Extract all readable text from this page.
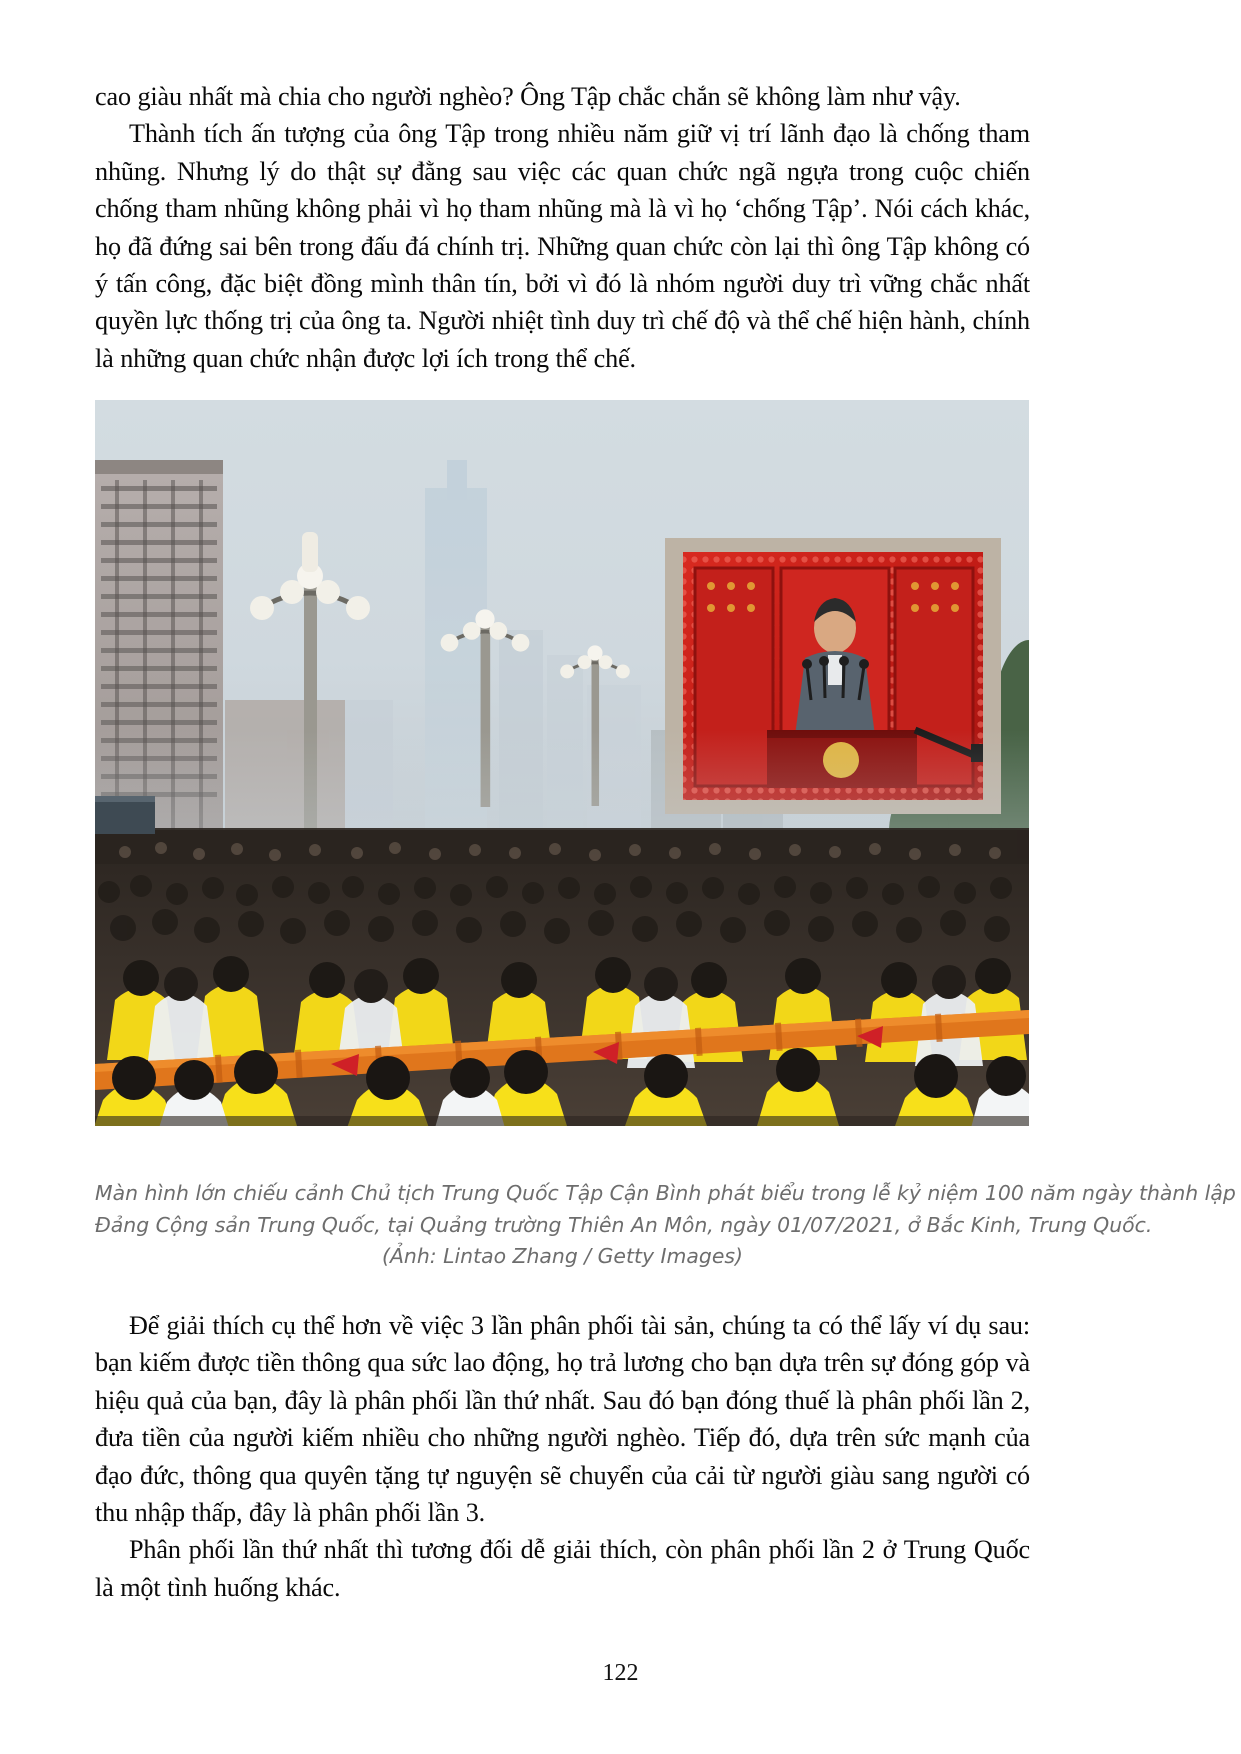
cao giàu nhất mà chia cho người nghèo? Ông Tập chắc chắn sẽ không làm như vậy.

Thành tích ấn tượng của ông Tập trong nhiều năm giữ vị trí lãnh đạo là chống tham nhũng. Nhưng lý do thật sự đằng sau việc các quan chức ngã ngựa trong cuộc chiến chống tham nhũng không phải vì họ tham nhũng mà là vì họ ‘chống Tập’. Nói cách khác, họ đã đứng sai bên trong đấu đá chính trị. Những quan chức còn lại thì ông Tập không có ý tấn công, đặc biệt đồng mình thân tín, bởi vì đó là nhóm người duy trì vững chắc nhất quyền lực thống trị của ông ta. Người nhiệt tình duy trì chế độ và thể chế hiện hành, chính là những quan chức nhận được lợi ích trong thể chế.

Màn hình lớn chiếu cảnh Chủ tịch Trung Quốc Tập Cận Bình phát biểu trong lễ kỷ niệm 100 năm ngày thành lập
Đảng Cộng sản Trung Quốc, tại Quảng trường Thiên An Môn, ngày 01/07/2021, ở Bắc Kinh, Trung Quốc.
(Ảnh: Lintao Zhang / Getty Images)

Để giải thích cụ thể hơn về việc 3 lần phân phối tài sản, chúng ta có thể lấy ví dụ sau: bạn kiếm được tiền thông qua sức lao động, họ trả lương cho bạn dựa trên sự đóng góp và hiệu quả của bạn, đây là phân phối lần thứ nhất. Sau đó bạn đóng thuế là phân phối lần 2, đưa tiền của người kiếm nhiều cho những người nghèo. Tiếp đó, dựa trên sức mạnh của đạo đức, thông qua quyên tặng tự nguyện sẽ chuyển của cải từ người giàu sang người có thu nhập thấp, đây là phân phối lần 3.

Phân phối lần thứ nhất thì tương đối dễ giải thích, còn phân phối lần 2 ở Trung Quốc là một tình huống khác.

122
